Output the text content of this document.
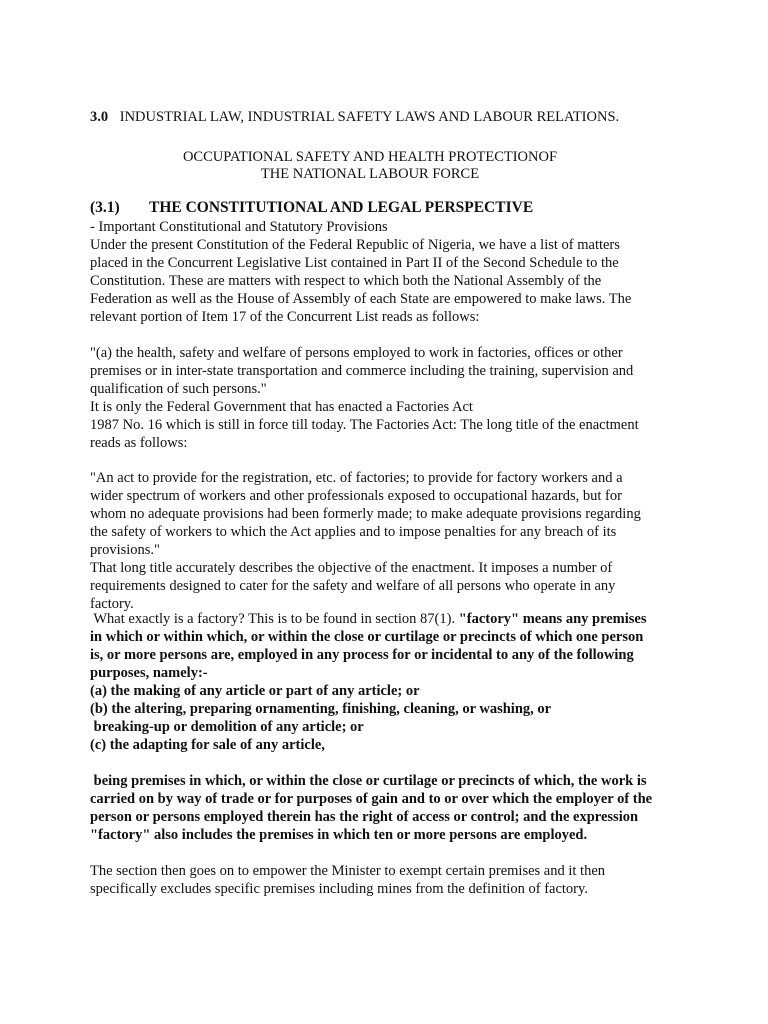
3.0 INDUSTRIAL LAW, INDUSTRIAL SAFETY LAWS AND LABOUR RELATIONS.
OCCUPATIONAL SAFETY AND HEALTH PROTECTIONOF
THE NATIONAL LABOUR FORCE
(3.1) THE CONSTITUTIONAL AND LEGAL PERSPECTIVE
- Important Constitutional and Statutory Provisions
Under the present Constitution of the Federal Republic of Nigeria, we have a list of matters
placed in the Concurrent Legislative List contained in Part II of the Second Schedule to the
Constitution. These are matters with respect to which both the National Assembly of the
Federation as well as the House of Assembly of each State are empowered to make laws. The
relevant portion of Item 17 of the Concurrent List reads as follows:
"(a) the health, safety and welfare of persons employed to work in factories, offices or other
premises or in inter-state transportation and commerce including the training, supervision and
qualification of such persons."
It is only the Federal Government that has enacted a Factories Act
1987 No. 16 which is still in force till today. The Factories Act: The long title of the enactment
reads as follows:
"An act to provide for the registration, etc. of factories; to provide for factory workers and a
wider spectrum of workers and other professionals exposed to occupational hazards, but for
whom no adequate provisions had been formerly made; to make adequate provisions regarding
the safety of workers to which the Act applies and to impose penalties for any breach of its
provisions."
That long title accurately describes the objective of the enactment. It imposes a number of
requirements designed to cater for the safety and welfare of all persons who operate in any
factory.
What exactly is a factory? This is to be found in section 87(1). "factory" means any premises
in which or within which, or within the close or curtilage or precincts of which one person
is, or more persons are, employed in any process for or incidental to any of the following
purposes, namely:-
(a) the making of any article or part of any article; or
(b) the altering, preparing ornamenting, finishing, cleaning, or washing, or
breaking-up or demolition of any article; or
(c) the adapting for sale of any article,
being premises in which, or within the close or curtilage or precincts of which, the work is
carried on by way of trade or for purposes of gain and to or over which the employer of the
person or persons employed therein has the right of access or control; and the expression
"factory" also includes the premises in which ten or more persons are employed.
The section then goes on to empower the Minister to exempt certain premises and it then
specifically excludes specific premises including mines from the definition of factory.
